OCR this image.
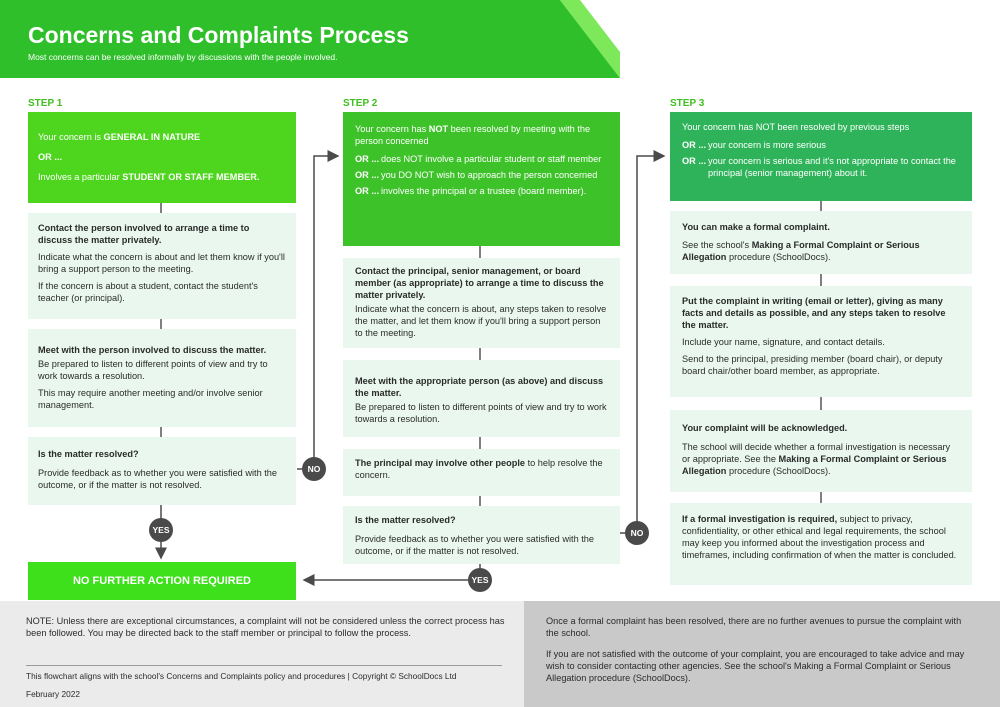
Concerns and Complaints Process
Most concerns can be resolved informally by discussions with the people involved.
STEP 1

Your concern is GENERAL IN NATURE

OR ...

Involves a particular STUDENT OR STAFF MEMBER.

Contact the person involved to arrange a time to discuss the matter privately.

Indicate what the concern is about and let them know if you'll bring a support person to the meeting.

If the concern is about a student, contact the student's teacher (or principal).

Meet with the person involved to discuss the matter.

Be prepared to listen to different points of view and try to work towards a resolution.

This may require another meeting and/or involve senior management.

Is the matter resolved?

Provide feedback as to whether you were satisfied with the outcome, or if the matter is not resolved.

YES
NO
NO FURTHER ACTION REQUIRED
STEP 2

Your concern has NOT been resolved by meeting with the person concerned

OR ... does NOT involve a particular student or staff member
OR ... you DO NOT wish to approach the person concerned
OR ... involves the principal or a trustee (board member).

Contact the principal, senior management, or board member (as appropriate) to arrange a time to discuss the matter privately.

Indicate what the concern is about, any steps taken to resolve the matter, and let them know if you'll bring a support person to the meeting.

Meet with the appropriate person (as above) and discuss the matter.

Be prepared to listen to different points of view and try to work towards a resolution.

The principal may involve other people to help resolve the concern.

Is the matter resolved?

Provide feedback as to whether you were satisfied with the outcome, or if the matter is not resolved.

YES
NO
STEP 3

Your concern has NOT been resolved by previous steps

OR ... your concern is more serious
OR ... your concern is serious and it's not appropriate to contact the principal (senior management) about it.

You can make a formal complaint.

See the school's Making a Formal Complaint or Serious Allegation procedure (SchoolDocs).

Put the complaint in writing (email or letter), giving as many facts and details as possible, and any steps taken to resolve the matter.

Include your name, signature, and contact details.

Send to the principal, presiding member (board chair), or deputy board chair/other board member, as appropriate.

Your complaint will be acknowledged.

The school will decide whether a formal investigation is necessary or appropriate. See the Making a Formal Complaint or Serious Allegation procedure (SchoolDocs).

If a formal investigation is required, subject to privacy, confidentiality, or other ethical and legal requirements, the school may keep you informed about the investigation process and timeframes, including confirmation of when the matter is concluded.

NOTE: Unless there are exceptional circumstances, a complaint will not be considered unless the correct process has been followed. You may be directed back to the staff member or principal to follow the process.
This flowchart aligns with the school's Concerns and Complaints policy and procedures | Copyright © SchoolDocs Ltd
February 2022

Once a formal complaint has been resolved, there are no further avenues to pursue the complaint with the school.

If you are not satisfied with the outcome of your complaint, you are encouraged to take advice and may wish to consider contacting other agencies. See the school's Making a Formal Complaint or Serious Allegation procedure (SchoolDocs).
